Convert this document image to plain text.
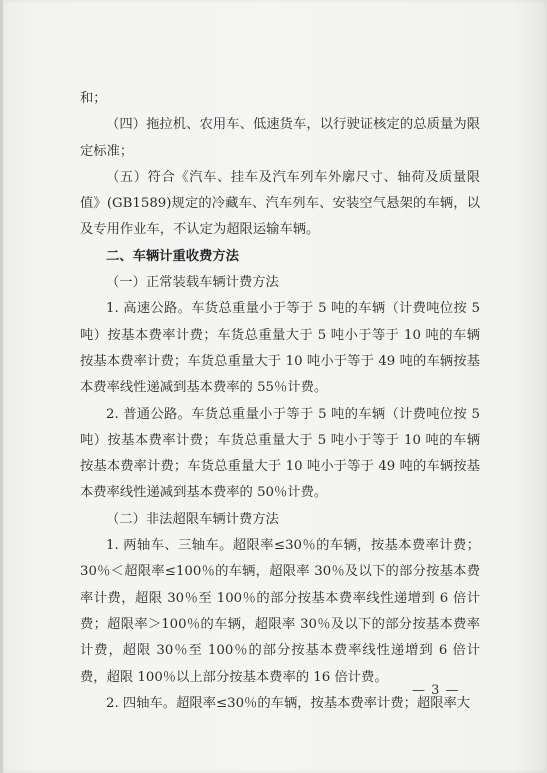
和；

（四）拖拉机、农用车、低速货车，以行驶证核定的总质量为限定标准；

（五）符合《汽车、挂车及汽车列车外廓尺寸、轴荷及质量限值》(GB1589)规定的冷藏车、汽车列车、安装空气悬架的车辆，以及专用作业车，不认定为超限运输车辆。

二、车辆计重收费方法

（一）正常装载车辆计费方法

1. 高速公路。车货总重量小于等于 5 吨的车辆（计费吨位按 5 吨）按基本费率计费；车货总重量大于 5 吨小于等于 10 吨的车辆按基本费率计费；车货总重量大于 10 吨小于等于 49 吨的车辆按基本费率线性递减到基本费率的 55％计费。

2. 普通公路。车货总重量小于等于 5 吨的车辆（计费吨位按 5 吨）按基本费率计费；车货总重量大于 5 吨小于等于 10 吨的车辆按基本费率计费；车货总重量大于 10 吨小于等于 49 吨的车辆按基本费率线性递减到基本费率的 50％计费。

（二）非法超限车辆计费方法

1. 两轴车、三轴车。超限率≤30％的车辆，按基本费率计费；30％＜超限率≤100％的车辆，超限率 30％及以下的部分按基本费率计费，超限 30％至 100％的部分按基本费率线性递增到 6 倍计费；超限率＞100％的车辆，超限率 30％及以下的部分按基本费率计费，超限 30％至 100％的部分按基本费率线性递增到 6 倍计费，超限 100％以上部分按基本费率的 16 倍计费。

2. 四轴车。超限率≤30％的车辆，按基本费率计费；超限率大

— 3 —
